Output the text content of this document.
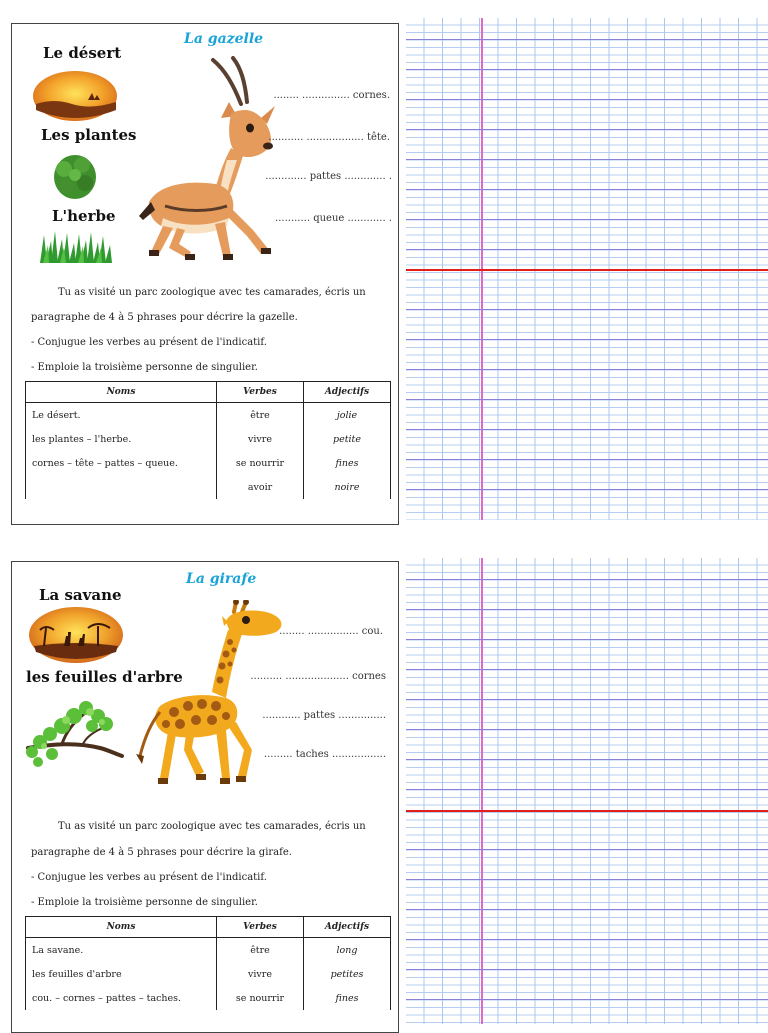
La gazelle
Le désert
Les plantes
L'herbe
........ ............... cornes.
........... .................. tête.
............. pattes ............. .
........... queue ............ .
Tu as visité un parc zoologique avec tes camarades, écris un
paragraphe de 4 à 5 phrases pour décrire la gazelle.
- Conjugue les verbes au présent de l'indicatif.
- Emploie la troisième personne de singulier.
Noms	Verbes	Adjectifs
Le désert.	être	jolie
les plantes – l'herbe.	vivre	petite
cornes – tête – pattes – queue.	se nourrir	fines
	avoir	noire
La girafe
La savane
les feuilles d'arbre
........ ................ cou.
.......... .................... cornes
............ pattes ...............
......... taches .................
Tu as visité un parc zoologique avec tes camarades, écris un
paragraphe de 4 à 5 phrases pour décrire la girafe.
- Conjugue les verbes au présent de l'indicatif.
- Emploie la troisième personne de singulier.
Noms	Verbes	Adjectifs
La savane.	être	long
les feuilles d'arbre	vivre	petites
cou. – cornes – pattes – taches.	se nourrir	fines
